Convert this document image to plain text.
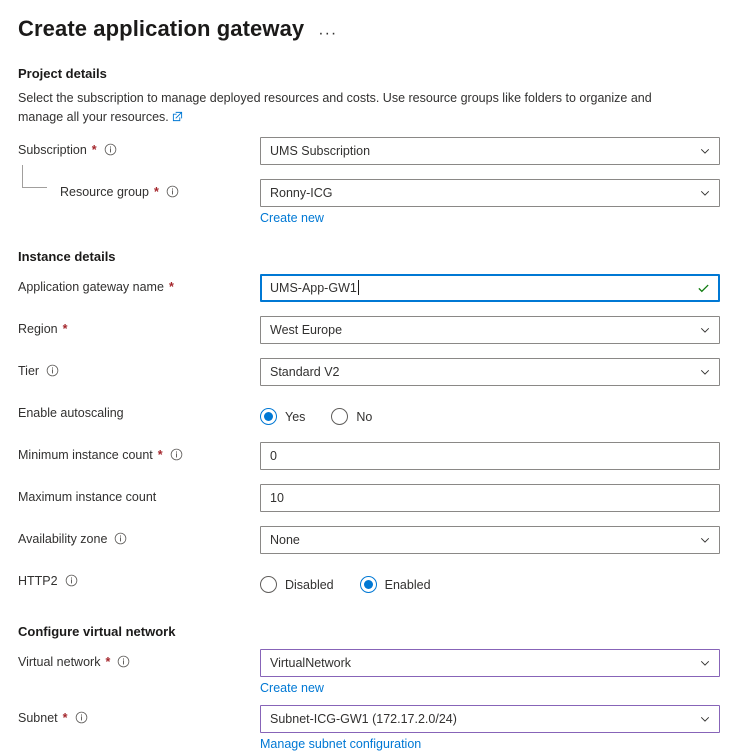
Create application gateway ···
Project details
Select the subscription to manage deployed resources and costs. Use resource groups like folders to organize and manage all your resources.
Subscription *	UMS Subscription
Resource group *	Ronny-ICG
Create new
Instance details
Application gateway name *	UMS-App-GW1
Region *	West Europe
Tier	Standard V2
Enable autoscaling	Yes	No
Minimum instance count *	0
Maximum instance count	10
Availability zone	None
HTTP2	Disabled	Enabled
Configure virtual network
Virtual network *	VirtualNetwork
Create new
Subnet *	Subnet-ICG-GW1 (172.17.2.0/24)
Manage subnet configuration
